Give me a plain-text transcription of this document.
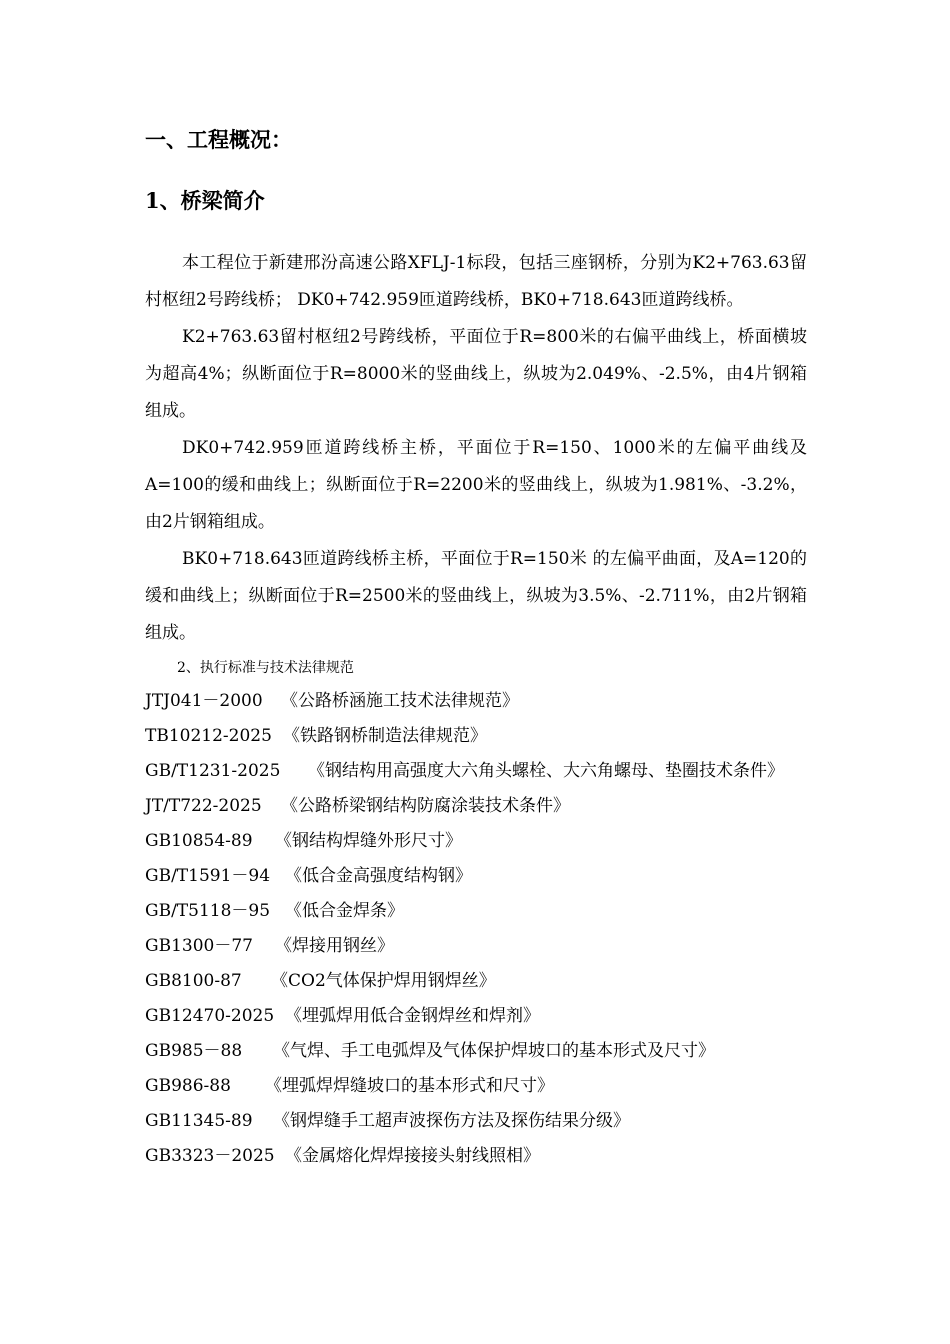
一、工程概况：
1、桥梁简介

本工程位于新建邢汾高速公路XFLJ-1标段，包括三座钢桥，分别为K2+763.63留村枢纽2号跨线桥； DK0+742.959匝道跨线桥，BK0+718.643匝道跨线桥。

K2+763.63留村枢纽2号跨线桥，平面位于R=800米的右偏平曲线上，桥面横坡为超高4%；纵断面位于R=8000米的竖曲线上，纵坡为2.049%、-2.5%，由4片钢箱组成。

DK0+742.959匝道跨线桥主桥，平面位于R=150、1000米的左偏平曲线及A=100的缓和曲线上；纵断面位于R=2200米的竖曲线上，纵坡为1.981%、-3.2%，由2片钢箱组成。

BK0+718.643匝道跨线桥主桥，平面位于R=150米 的左偏平曲面，及A=120的缓和曲线上；纵断面位于R=2500米的竖曲线上，纵坡为3.5%、-2.711%，由2片钢箱组成。

2、执行标准与技术法律规范

JTJ041－2000 《公路桥涵施工技术法律规范》

TB10212-2025 《铁路钢桥制造法律规范》

GB/T1231-2025	《钢结构用高强度大六角头螺栓、大六角螺母、垫圈技术条件》

JT/T722-2025 《公路桥梁钢结构防腐涂装技术条件》

GB10854-89 《钢结构焊缝外形尺寸》

GB/T1591－94 《低合金高强度结构钢》

GB/T5118－95 《低合金焊条》

GB1300－77 《焊接用钢丝》

GB8100-87 《CO2气体保护焊用钢焊丝》

GB12470-2025 《埋弧焊用低合金钢焊丝和焊剂》

GB985－88 《气焊、手工电弧焊及气体保护焊坡口的基本形式及尺寸》

GB986-88 《埋弧焊焊缝坡口的基本形式和尺寸》

GB11345-89 《钢焊缝手工超声波探伤方法及探伤结果分级》

GB3323－2025 《金属熔化焊焊接接头射线照相》
